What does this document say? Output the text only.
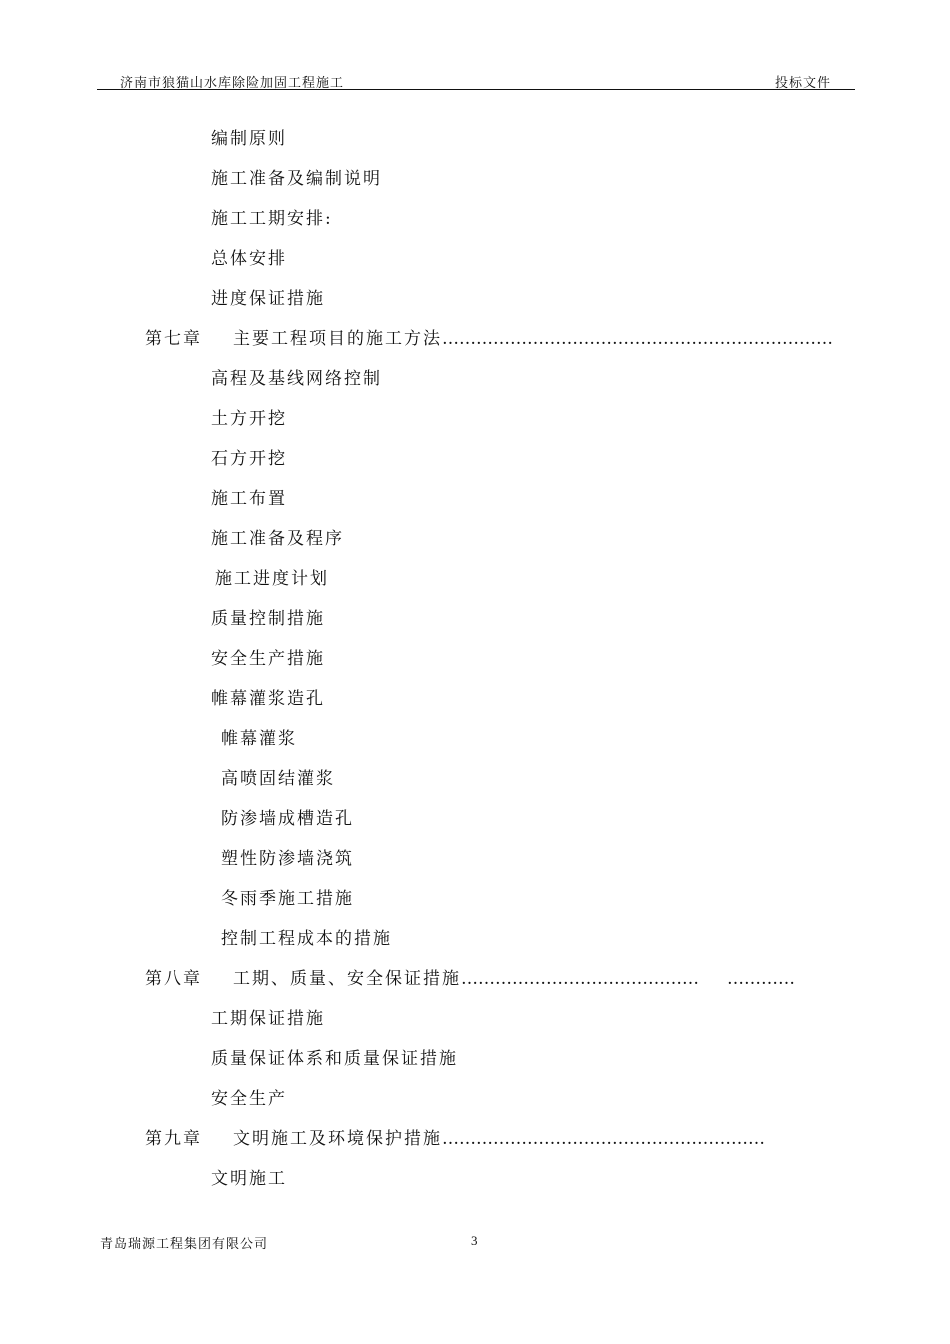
济南市狼猫山水库除险加固工程施工	投标文件
编制原则
施工准备及编制说明
施工工期安排:
总体安排
进度保证措施
第七章 主要工程项目的施工方法……………………………………………………………
高程及基线网络控制
土方开挖
石方开挖
施工布置
施工准备及程序
施工进度计划
质量控制措施
安全生产措施
帷幕灌浆造孔
帷幕灌浆
高喷固结灌浆
防渗墙成槽造孔
塑性防渗墙浇筑
冬雨季施工措施
控制工程成本的措施
第八章 工期、质量、安全保证措施…………………………………… …………
工期保证措施
质量保证体系和质量保证措施
安全生产
第九章 文明施工及环境保护措施…………………………………………………
文明施工
青岛瑞源工程集团有限公司	3
